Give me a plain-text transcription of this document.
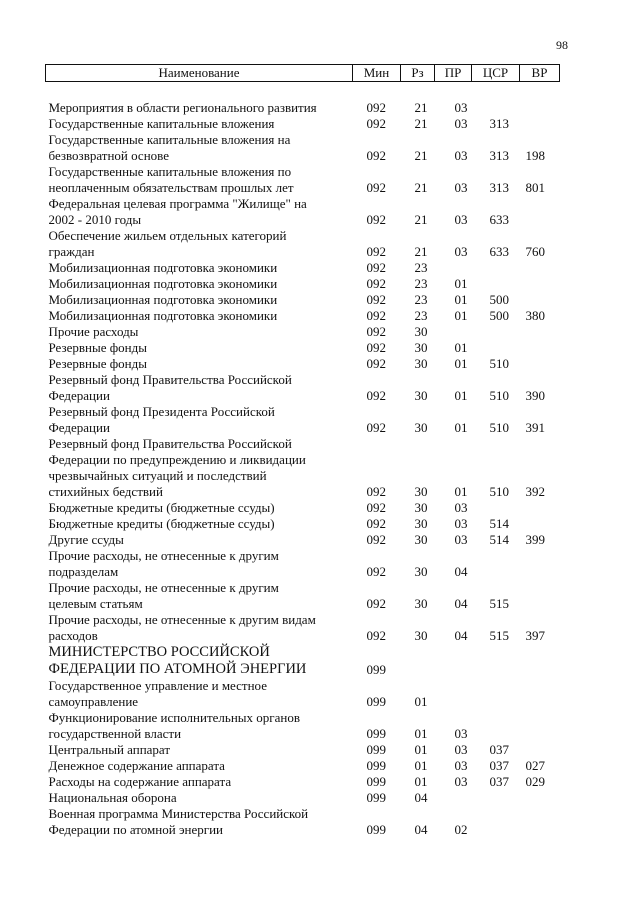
98
Наименование	Мин	Рз	ПР	ЦСР	ВР

Мероприятия в области регионального развития	092	21	03		
Государственные капитальные вложения	092	21	03	313	
Государственные капитальные вложения на
безвозвратной основе	092	21	03	313	198
Государственные капитальные вложения по
неоплаченным обязательствам прошлых лет	092	21	03	313	801
Федеральная целевая программа "Жилище" на
2002 - 2010 годы	092	21	03	633	
Обеспечение жильем отдельных категорий
граждан	092	21	03	633	760
Мобилизационная подготовка экономики	092	23			
Мобилизационная подготовка экономики	092	23	01		
Мобилизационная подготовка экономики	092	23	01	500	
Мобилизационная подготовка экономики	092	23	01	500	380
Прочие расходы	092	30			
Резервные фонды	092	30	01		
Резервные фонды	092	30	01	510	
Резервный фонд Правительства Российской
Федерации	092	30	01	510	390
Резервный фонд Президента Российской
Федерации	092	30	01	510	391
Резервный фонд Правительства Российской
Федерации по предупреждению и ликвидации
чрезвычайных ситуаций и последствий
стихийных бедствий	092	30	01	510	392
Бюджетные кредиты (бюджетные ссуды)	092	30	03		
Бюджетные кредиты (бюджетные ссуды)	092	30	03	514	
Другие ссуды	092	30	03	514	399
Прочие расходы, не отнесенные к другим
подразделам	092	30	04		
Прочие расходы, не отнесенные к другим
целевым статьям	092	30	04	515	
Прочие расходы, не отнесенные к другим видам
расходов	092	30	04	515	397
МИНИСТЕРСТВО РОССИЙСКОЙ
ФЕДЕРАЦИИ ПО АТОМНОЙ ЭНЕРГИИ	099				
Государственное управление и местное
самоуправление	099	01			
Функционирование исполнительных органов
государственной власти	099	01	03		
Центральный аппарат	099	01	03	037	
Денежное содержание аппарата	099	01	03	037	027
Расходы на содержание аппарата	099	01	03	037	029
Национальная оборона	099	04			
Военная программа Министерства Российской
Федерации по атомной энергии	099	04	02		
